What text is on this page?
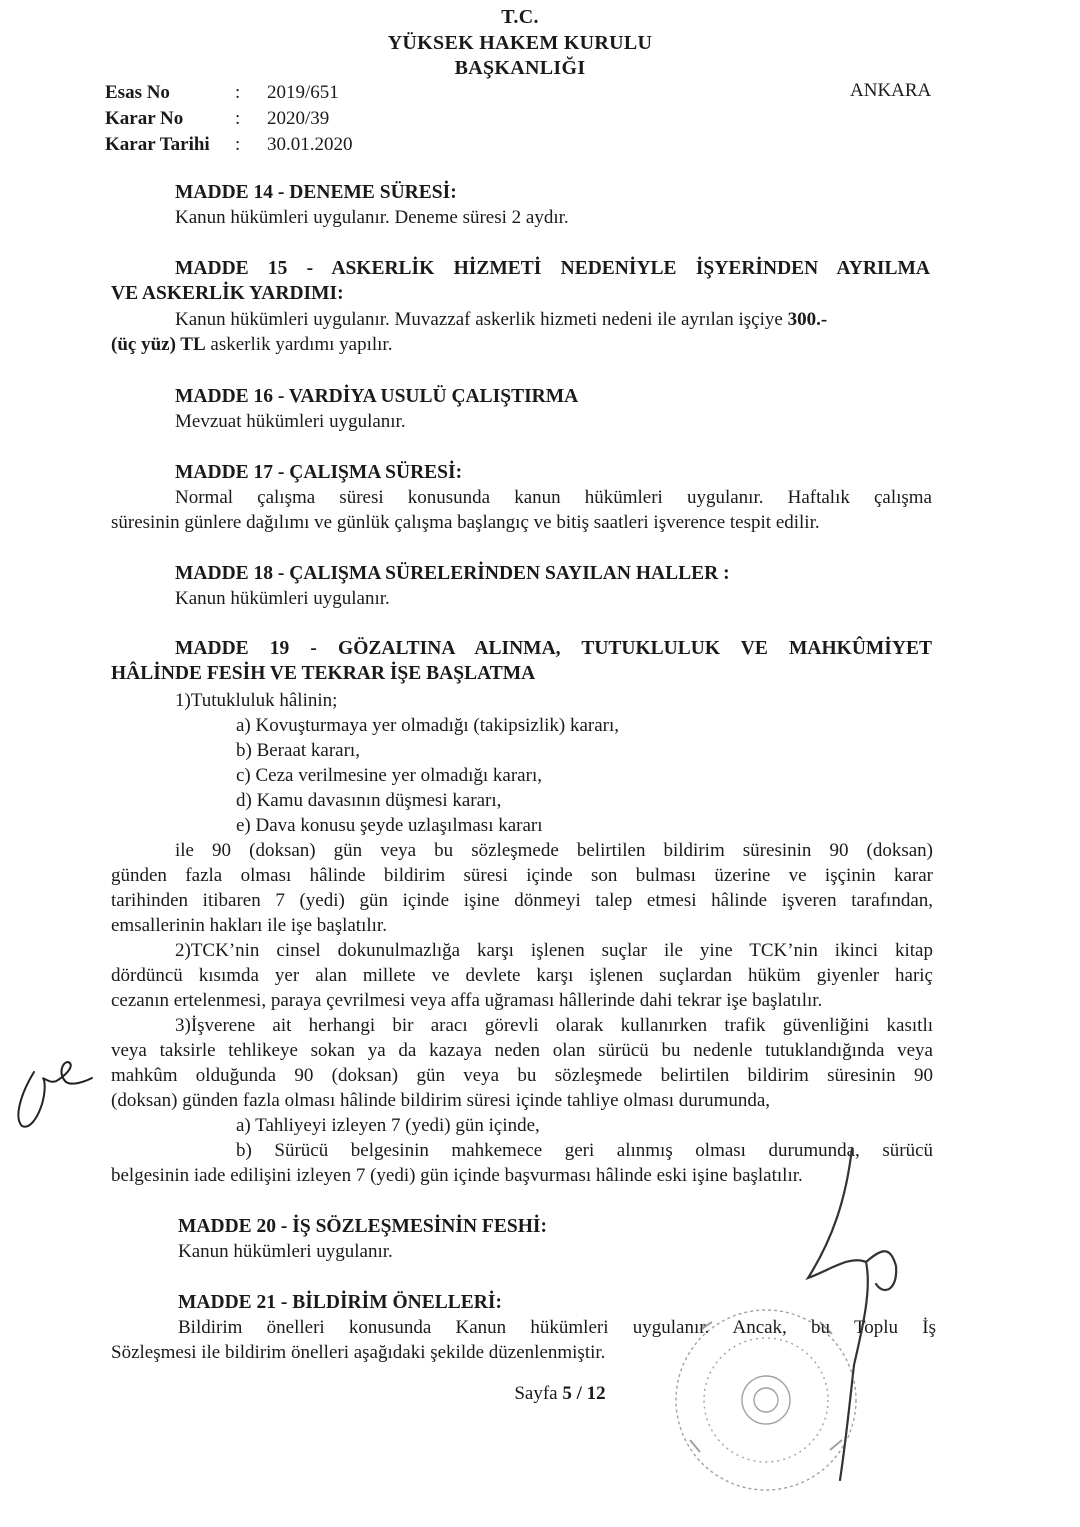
T.C.
YÜKSEK HAKEM KURULU
BAŞKANLIĞI
Esas No	:	2019/651
Karar No	:	2020/39
Karar Tarihi	:	30.01.2020
ANKARA
MADDE 14 - DENEME SÜRESİ:
Kanun hükümleri uygulanır. Deneme süresi 2 aydır.
MADDE 15 - ASKERLİK HİZMETİ NEDENİYLE İŞYERİNDEN AYRILMA
VE ASKERLİK YARDIMI:
Kanun hükümleri uygulanır. Muvazzaf askerlik hizmeti nedeni ile ayrılan işçiye 300.-
(üç yüz) TL askerlik yardımı yapılır.
MADDE 16 - VARDİYA USULÜ ÇALIŞTIRMA
Mevzuat hükümleri uygulanır.
MADDE 17 - ÇALIŞMA SÜRESİ:
Normal çalışma süresi konusunda kanun hükümleri uygulanır. Haftalık çalışma
süresinin günlere dağılımı ve günlük çalışma başlangıç ve bitiş saatleri işverence tespit edilir.
MADDE 18 - ÇALIŞMA SÜRELERİNDEN SAYILAN HALLER :
Kanun hükümleri uygulanır.
MADDE 19 - GÖZALTINA ALINMA, TUTUKLULUK VE MAHKÛMİYET
HÂLİNDE FESİH VE TEKRAR İŞE BAŞLATMA
1)Tutukluluk hâlinin;
a) Kovuşturmaya yer olmadığı (takipsizlik) kararı,
b) Beraat kararı,
c) Ceza verilmesine yer olmadığı kararı,
d) Kamu davasının düşmesi kararı,
e) Dava konusu şeyde uzlaşılması kararı
ile 90 (doksan) gün veya bu sözleşmede belirtilen bildirim süresinin 90 (doksan)
günden fazla olması hâlinde bildirim süresi içinde son bulması üzerine ve işçinin karar
tarihinden itibaren 7 (yedi) gün içinde işine dönmeyi talep etmesi hâlinde işveren tarafından,
emsallerinin hakları ile işe başlatılır.
2)TCK’nin cinsel dokunulmazlığa karşı işlenen suçlar ile yine TCK’nin ikinci kitap
dördüncü kısımda yer alan millete ve devlete karşı işlenen suçlardan hüküm giyenler hariç
cezanın ertelenmesi, paraya çevrilmesi veya affa uğraması hâllerinde dahi tekrar işe başlatılır.
3)İşverene ait herhangi bir aracı görevli olarak kullanırken trafik güvenliğini kasıtlı
veya taksirle tehlikeye sokan ya da kazaya neden olan sürücü bu nedenle tutuklandığında veya
mahkûm olduğunda 90 (doksan) gün veya bu sözleşmede belirtilen bildirim süresinin 90
(doksan) günden fazla olması hâlinde bildirim süresi içinde tahliye olması durumunda,
a) Tahliyeyi izleyen 7 (yedi) gün içinde,
b) Sürücü belgesinin mahkemece geri alınmış olması durumunda, sürücü
belgesinin iade edilişini izleyen 7 (yedi) gün içinde başvurması hâlinde eski işine başlatılır.
MADDE 20 - İŞ SÖZLEŞMESİNİN FESHİ:
Kanun hükümleri uygulanır.
MADDE 21 - BİLDİRİM ÖNELLERİ:
Bildirim önelleri konusunda Kanun hükümleri uygulanır. Ancak, bu Toplu İş
Sözleşmesi ile bildirim önelleri aşağıdaki şekilde düzenlenmiştir.
Sayfa 5 / 12
